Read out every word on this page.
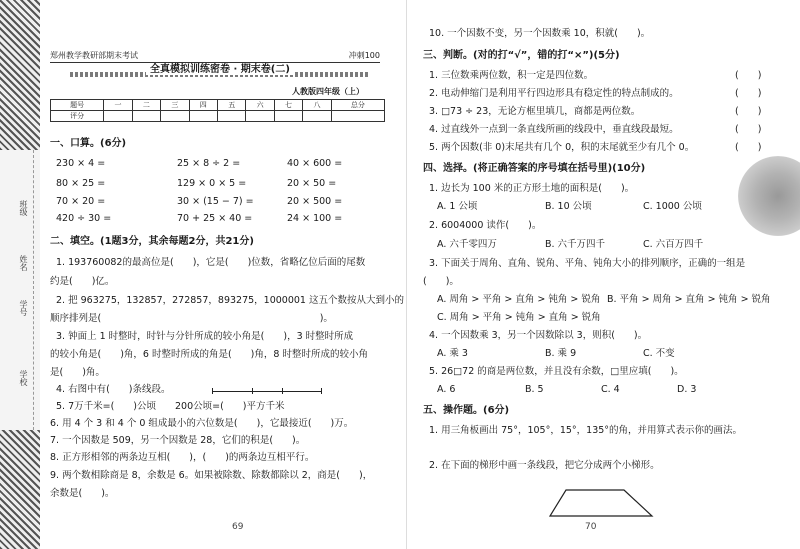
班级
姓名
学号
学校
郑州教学教研部期末考试	冲刺100
全真模拟训练密卷 · 期末卷(二)
人教版四年级（上）
题号	一	二	三	四	五	六	七	八	总分
评分									
一、口算。(6分)
230 × 4 =	25 × 8 ÷ 2 =	40 × 600 =
80 × 25 =	129 × 0 × 5 =	20 × 50 =
70 × 20 =	30 × (15 − 7) =	20 × 500 =
420 ÷ 30 =	70 + 25 × 40 =	24 × 100 =
二、填空。(1题3分，其余每题2分，共21分)
1. 193760082的最高位是(　　)，它是(　　)位数，省略亿位后面的尾数
约是(　　)亿。
2. 把 963275，132857，272857，893275，1000001 这五个数按从大到小的
顺序排列是(　　　　　　　　　　　　　　　　　　　　　　　)。
3. 钟面上 1 时整时，时针与分针所成的较小角是(　　)，3 时整时所成
的较小角是(　　)角，6 时整时所成的角是(　　)角，8 时整时所成的较小角
是(　　)角。
4. 右图中有(　　)条线段。
5. 7万千米=(　　)公顷　　200公顷=(　　)平方千米
6. 用 4 个 3 和 4 个 0 组成最小的六位数是(　　)，它最接近(　　)万。
7. 一个因数是 509，另一个因数是 28，它们的积是(　　)。
8. 正方形相邻的两条边互相(　　)，(　　)的两条边互相平行。
9. 两个数相除商是 8，余数是 6。如果被除数、除数都除以 2，商是(　　)，
余数是(　　)。
69
10. 一个因数不变，另一个因数乘 10，积就(　　)。
三、判断。(对的打“√”，错的打“×”)(5分)
1. 三位数乘两位数，积一定是四位数。	(　　)
2. 电动伸缩门是利用平行四边形具有稳定性的特点制成的。	(　　)
3. □73 ÷ 23，无论方框里填几，商都是两位数。	(　　)
4. 过直线外一点到一条直线所画的线段中，垂直线段最短。	(　　)
5. 两个因数(非 0)末尾共有几个 0，积的末尾就至少有几个 0。	(　　)
四、选择。(将正确答案的序号填在括号里)(10分)
1. 边长为 100 米的正方形土地的面积是(　　)。
A. 1 公顷	B. 10 公顷	C. 1000 公顷
2. 6004000 读作(　　)。
A. 六千零四万	B. 六千万四千	C. 六百万四千
3. 下面关于周角、直角、锐角、平角、钝角大小的排列顺序，正确的一组是
(　　)。
A. 周角 > 平角 > 直角 > 钝角 > 锐角 B. 平角 > 周角 > 直角 > 钝角 > 锐角
C. 周角 > 平角 > 钝角 > 直角 > 锐角
4. 一个因数乘 3，另一个因数除以 3，则积(　　)。
A. 乘 3	B. 乘 9	C. 不变
5. 26□72 的商是两位数，并且没有余数，□里应填(　　)。
A. 6	B. 5	C. 4	D. 3
五、操作题。(6分)
1. 用三角板画出 75°，105°，15°，135°的角，并用算式表示你的画法。
2. 在下面的梯形中画一条线段，把它分成两个小梯形。
70
